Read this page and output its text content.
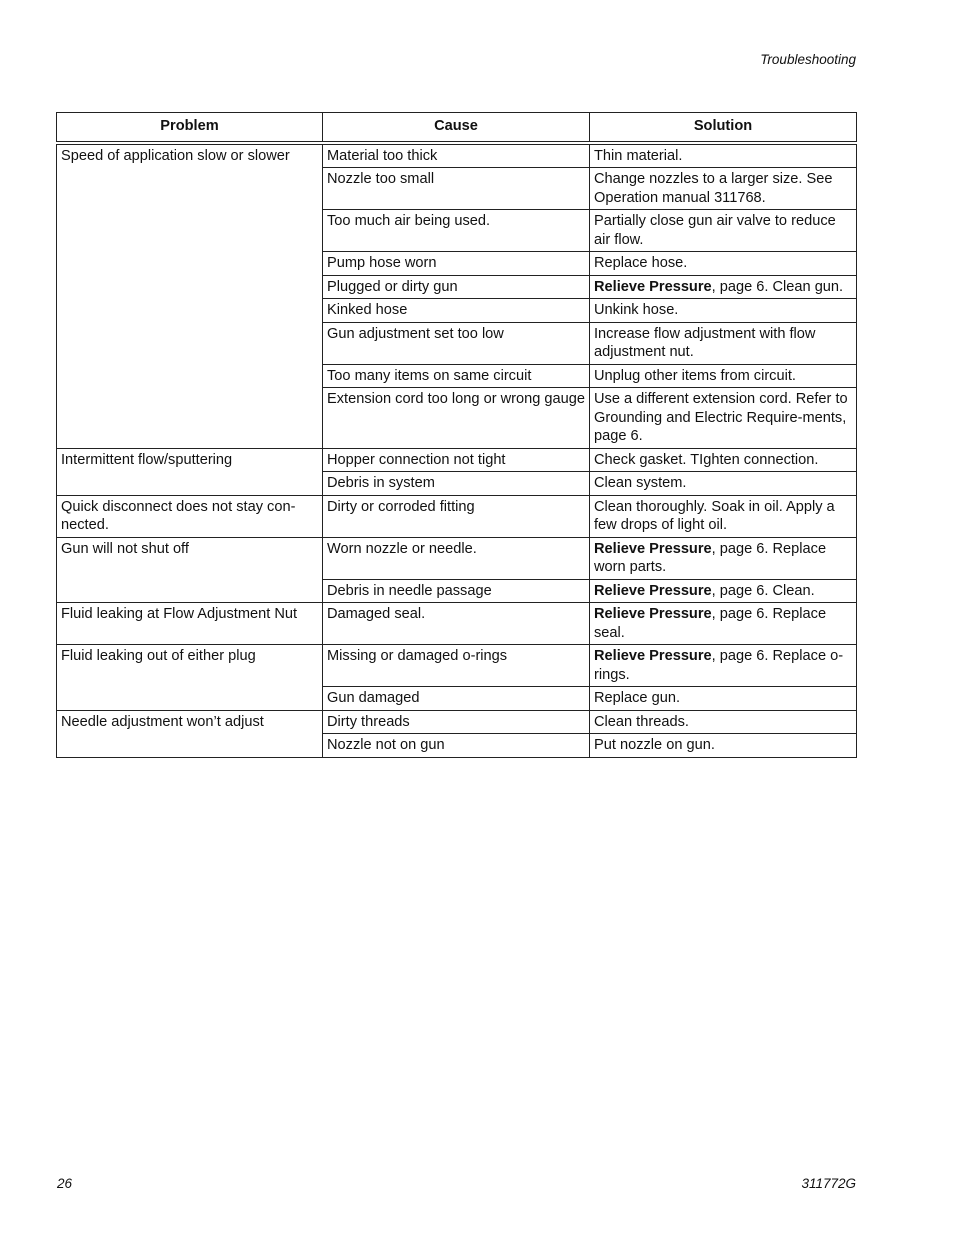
Troubleshooting
Problem	Cause	Solution
Speed of application slow or slower	Material too thick	Thin material.
	Nozzle too small	Change nozzles to a larger size. See Operation manual 311768.
	Too much air being used.	Partially close gun air valve to reduce air flow.
	Pump hose worn	Replace hose.
	Plugged or dirty gun	Relieve Pressure, page 6. Clean gun.
	Kinked hose	Unkink hose.
	Gun adjustment set too low	Increase flow adjustment with flow adjustment nut.
	Too many items on same circuit	Unplug other items from circuit.
	Extension cord too long or wrong gauge	Use a different extension cord. Refer to Grounding and Electric Require-ments, page 6.
Intermittent flow/sputtering	Hopper connection not tight	Check gasket. TIghten connection.
	Debris in system	Clean system.
Quick disconnect does not stay con-nected.	Dirty or corroded fitting	Clean thoroughly. Soak in oil. Apply a few drops of light oil.
Gun will not shut off	Worn nozzle or needle.	Relieve Pressure, page 6. Replace worn parts.
	Debris in needle passage	Relieve Pressure, page 6. Clean.
Fluid leaking at Flow Adjustment Nut	Damaged seal.	Relieve Pressure, page 6. Replace seal.
Fluid leaking out of either plug	Missing or damaged o-rings	Relieve Pressure, page 6. Replace o-rings.
	Gun damaged	Replace gun.
Needle adjustment won’t adjust	Dirty threads	Clean threads.
	Nozzle not on gun	Put nozzle on gun.
26	311772G
